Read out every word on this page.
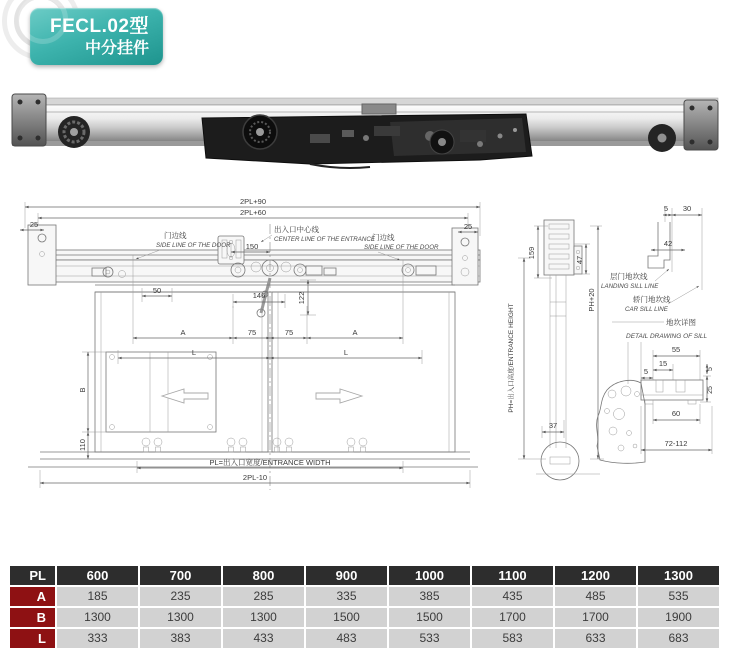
FECL.02型
中分挂件
2PL+90
2PL+60
25	25
出入口中心线
CENTER LINE OF THE ENTRANCE
门边线
SIDE LINE OF THE DOOR
门边线
SIDE LINE OF THE DOOR
150
50
146	122
A	75	75	A
L	L
B
110
PL=出入口宽度/ENTRANCE WIDTH
2PL-10
159
47
PH+20
PH=出入口高度/ENTRANCE HEIGHT
37
5 30
42
层门地坎线
LANDING SILL LINE
轿门地坎线
CAR SILL LINE
地坎详图
DETAIL DRAWING OF SILL
55
15
5	5
25
60
72-112
PL	600	700	800	900	1000	1100	1200	1300
A	185	235	285	335	385	435	485	535
B	1300	1300	1300	1500	1500	1700	1700	1900
L	333	383	433	483	533	583	633	683
